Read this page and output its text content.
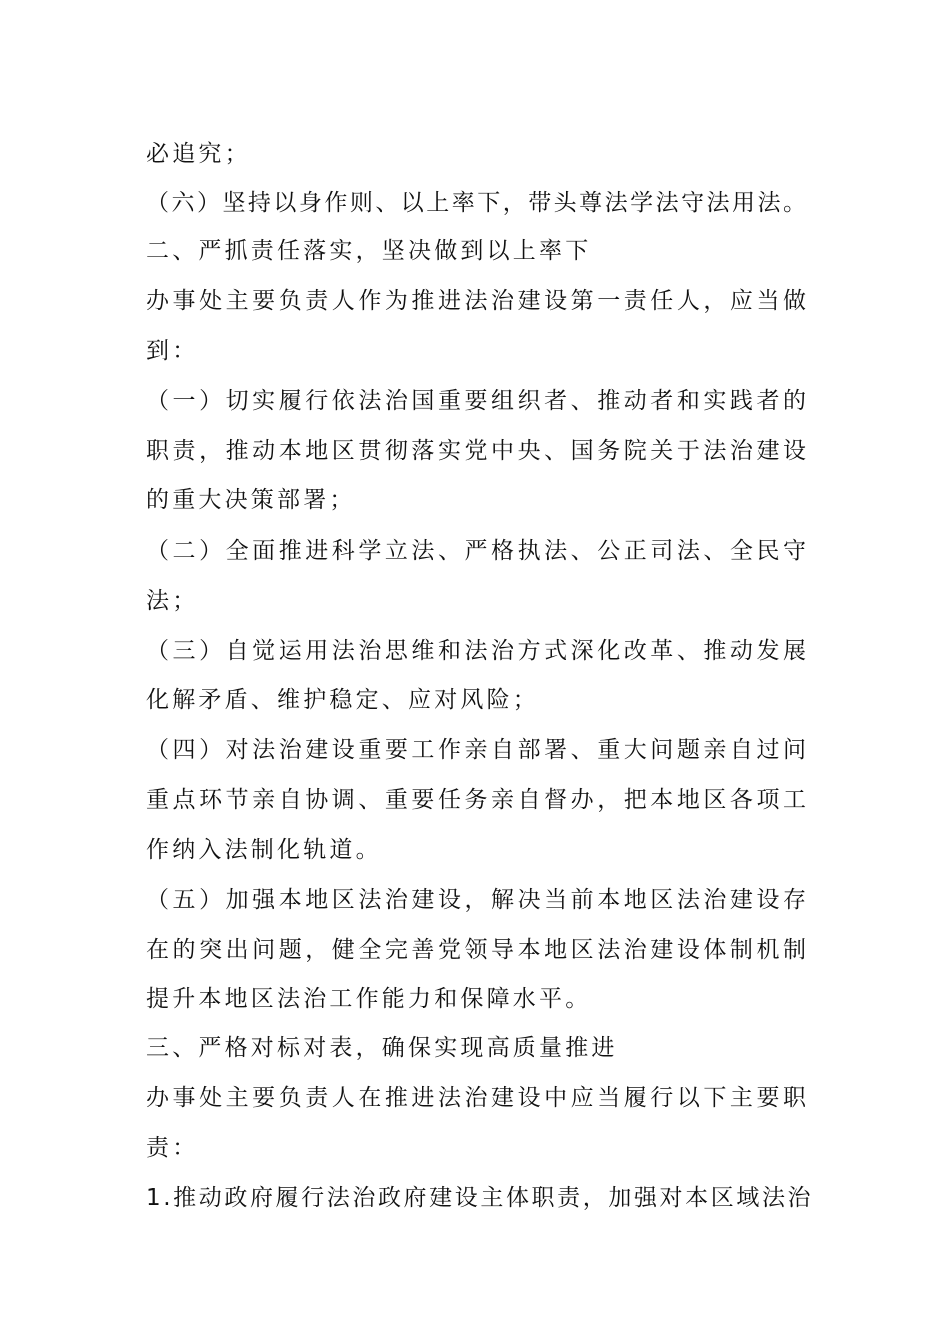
必追究；
（六）坚持以身作则、以上率下，带头尊法学法守法用法。
二、严抓责任落实，坚决做到以上率下
办事处主要负责人作为推进法治建设第一责任人，应当做
到：
（一）切实履行依法治国重要组织者、推动者和实践者的
职责，推动本地区贯彻落实党中央、国务院关于法治建设
的重大决策部署；
（二）全面推进科学立法、严格执法、公正司法、全民守
法；
（三）自觉运用法治思维和法治方式深化改革、推动发展
化解矛盾、维护稳定、应对风险；
（四）对法治建设重要工作亲自部署、重大问题亲自过问
重点环节亲自协调、重要任务亲自督办，把本地区各项工
作纳入法制化轨道。
（五）加强本地区法治建设，解决当前本地区法治建设存
在的突出问题，健全完善党领导本地区法治建设体制机制
提升本地区法治工作能力和保障水平。
三、严格对标对表，确保实现高质量推进
办事处主要负责人在推进法治建设中应当履行以下主要职
责：
1.推动政府履行法治政府建设主体职责，加强对本区域法治
